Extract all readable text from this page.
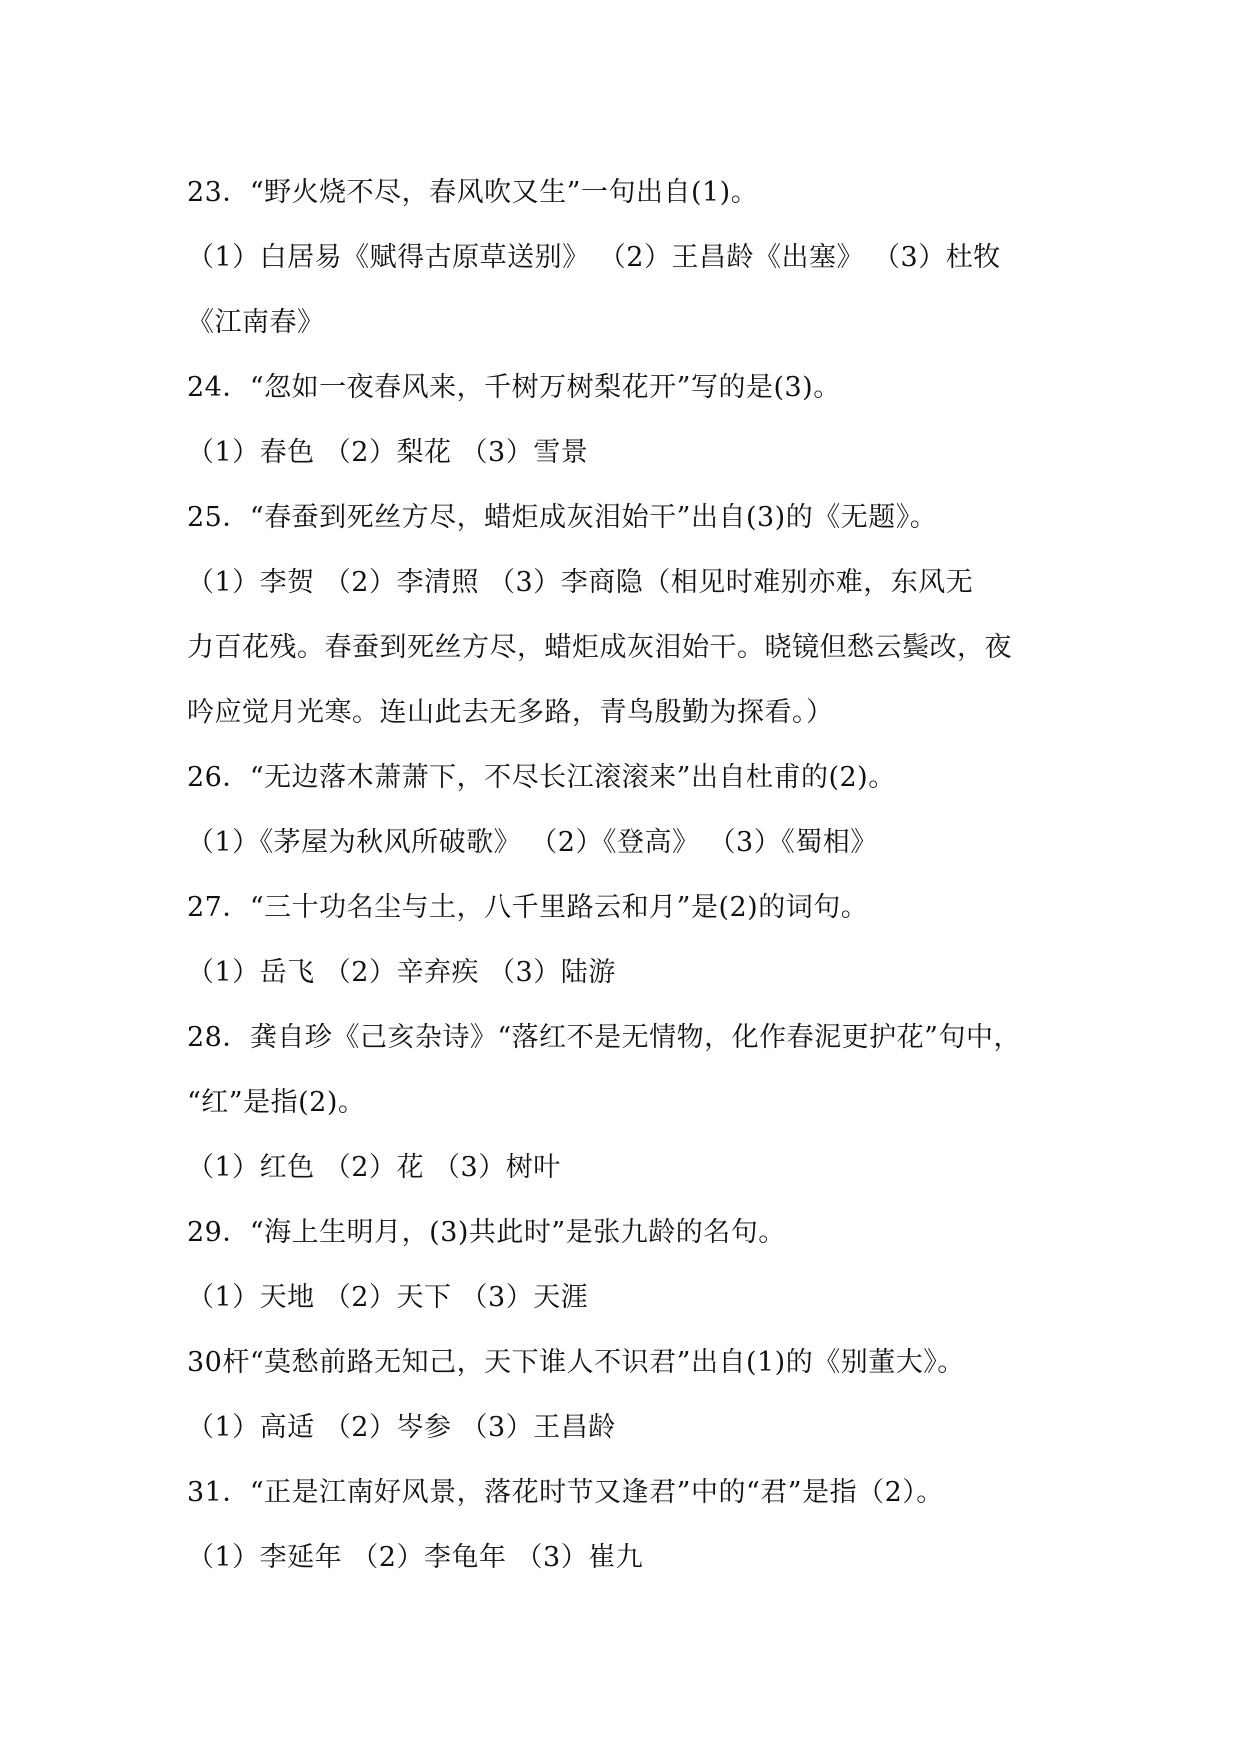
23．“野火烧不尽，春风吹又生”一句出自(1)。
（1）白居易《赋得古原草送别》 （2）王昌龄《出塞》 （3）杜牧
《江南春》
24．“忽如一夜春风来，千树万树梨花开”写的是(3)。
（1）春色 （2）梨花 （3）雪景
25．“春蚕到死丝方尽，蜡炬成灰泪始干”出自(3)的《无题》。
（1）李贺 （2）李清照 （3）李商隐（相见时难别亦难，东风无
力百花残。春蚕到死丝方尽，蜡炬成灰泪始干。晓镜但愁云鬓改，夜
吟应觉月光寒。连山此去无多路，青鸟殷勤为探看。）
26．“无边落木萧萧下，不尽长江滚滚来”出自杜甫的(2)。
（1）《茅屋为秋风所破歌》 （2）《登高》 （3）《蜀相》
27．“三十功名尘与土，八千里路云和月”是(2)的词句。
（1）岳飞 （2）辛弃疾 （3）陆游
28．龚自珍《己亥杂诗》“落红不是无情物，化作春泥更护花”句中，
“红”是指(2)。
（1）红色 （2）花 （3）树叶
29．“海上生明月，(3)共此时”是张九龄的名句。
（1）天地 （2）天下 （3）天涯
30杆“莫愁前路无知己，天下谁人不识君”出自(1)的《别董大》。
（1）高适 （2）岑参 （3）王昌龄
31．“正是江南好风景，落花时节又逢君”中的“君”是指（2）。
（1）李延年 （2）李龟年 （3）崔九
